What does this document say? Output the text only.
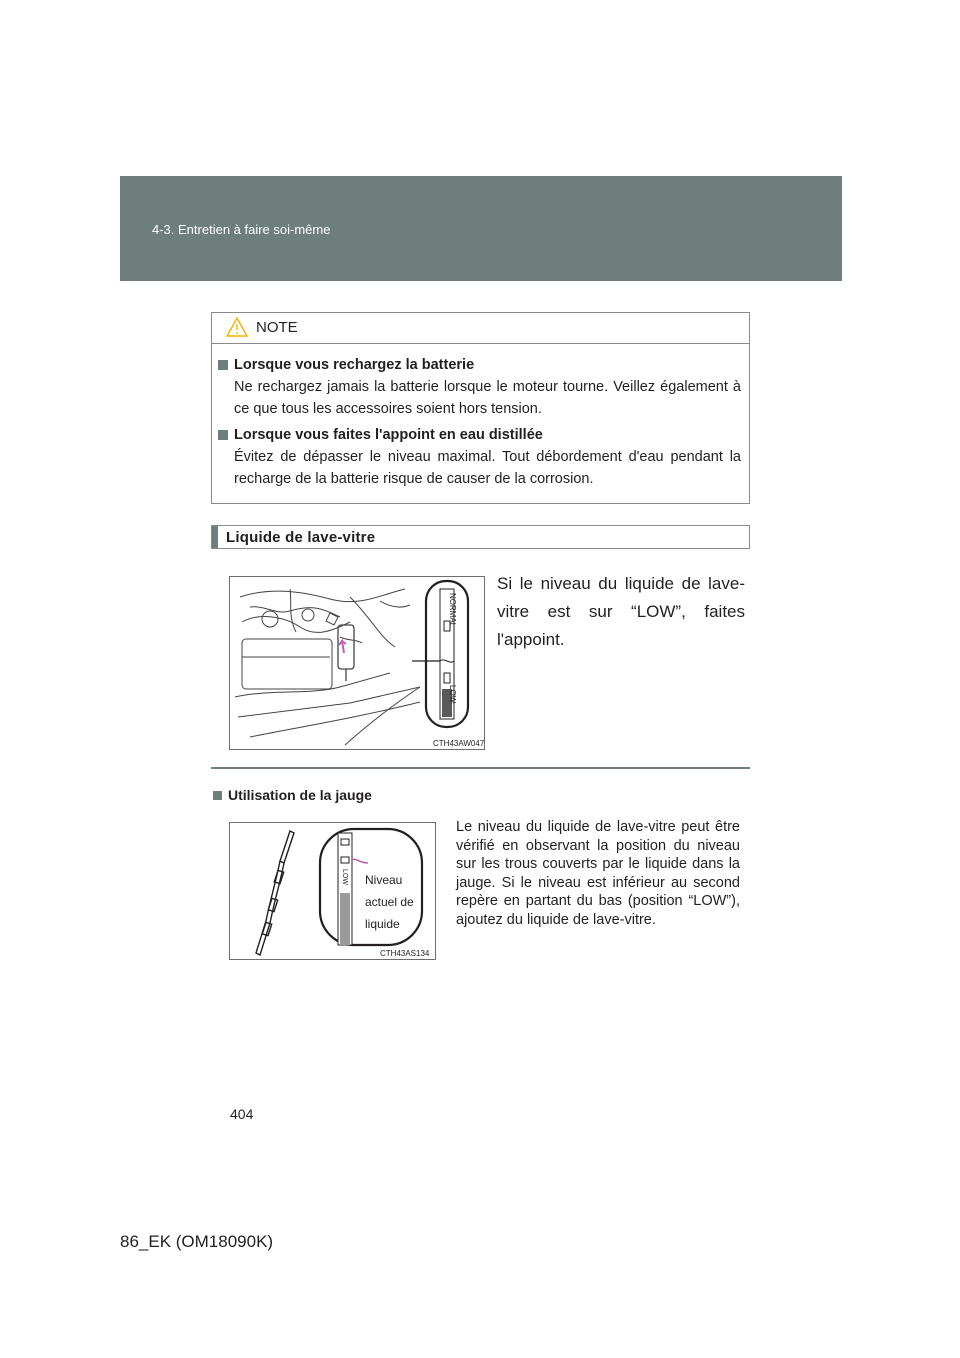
4-3. Entretien à faire soi-même
NOTE
Lorsque vous rechargez la batterie
Ne rechargez jamais la batterie lorsque le moteur tourne. Veillez également à ce que tous les accessoires soient hors tension.
Lorsque vous faites l'appoint en eau distillée
Évitez de dépasser le niveau maximal. Tout débordement d'eau pendant la recharge de la batterie risque de causer de la corrosion.
Liquide de lave-vitre
NORMAL
LOW
CTH43AW047
Si le niveau du liquide de lave-vitre est sur “LOW”, faites l'appoint.
Utilisation de la jauge
LOW Niveau
actuel de
liquide
CTH43AS134
Le niveau du liquide de lave-vitre peut être vérifié en observant la position du niveau sur les trous couverts par le liquide dans la jauge. Si le niveau est inférieur au second repère en partant du bas (position “LOW”), ajoutez du liquide de lave-vitre.
404
86_EK (OM18090K)
